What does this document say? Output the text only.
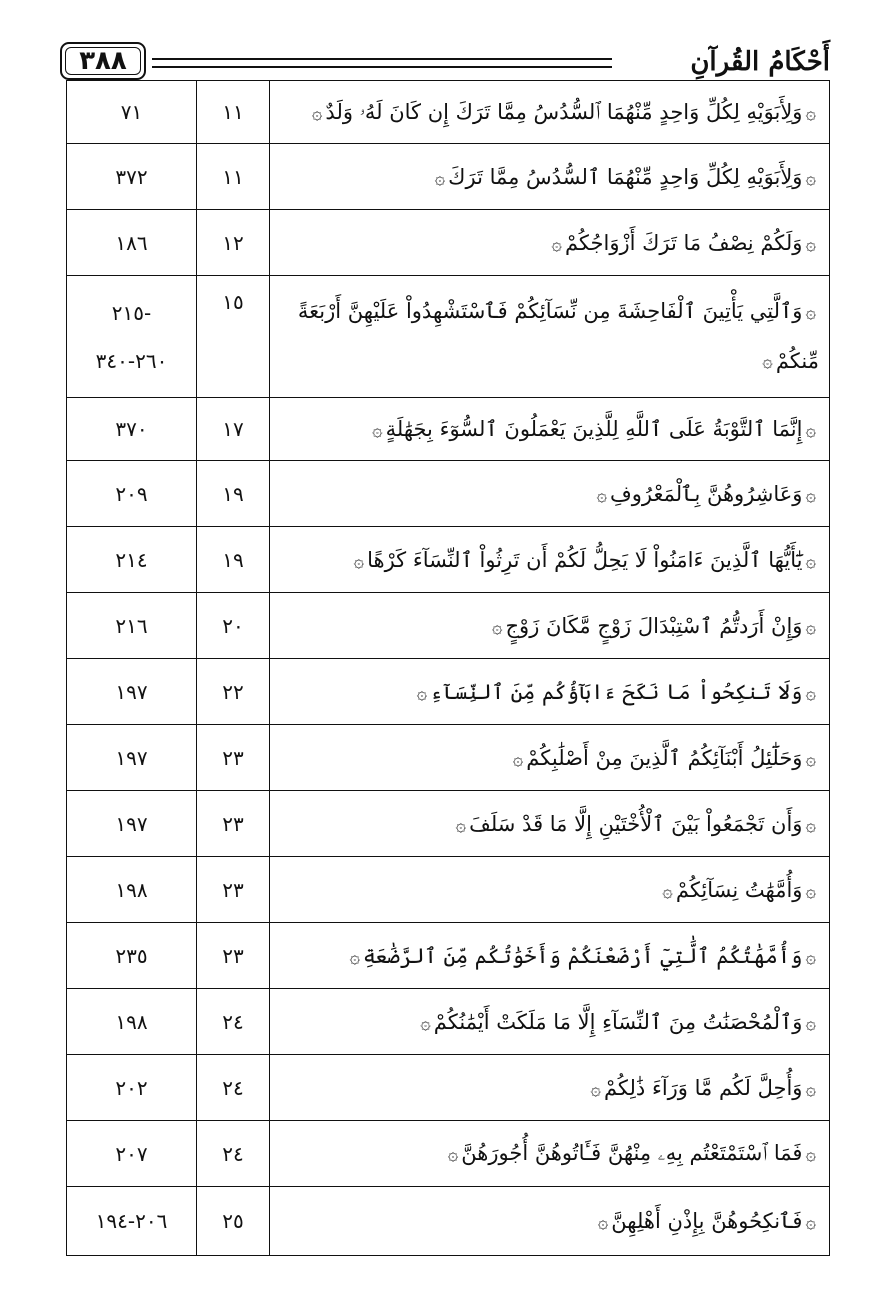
٣٨٨	أَحْكَامُ القُرآنِ
۞وَلِأَبَوَيْهِ لِكُلِّ وَاحِدٍ مِّنْهُمَا ٱلسُّدُسُ مِمَّا تَرَكَ إِن كَانَ لَهُۥ وَلَدٌ۞	١١	٧١

۞وَلِأَبَوَيْهِ لِكُلِّ وَاحِدٍ مِّنْهُمَا ٱلسُّدُسُ مِمَّا تَرَكَ۞	١١	٣٧٢

۞وَلَكُمْ نِصْفُ مَا تَرَكَ أَزْوَاجُكُمْ۞	١٢	١٨٦

۞وَٱلَّتِي يَأْتِينَ ٱلْفَاحِشَةَ مِن نِّسَآئِكُمْ فَٱسْتَشْهِدُواْ عَلَيْهِنَّ أَرْبَعَةً مِّنكُمْ۞	١٥	-٢١٥
٢٦٠-٣٤٠

۞إِنَّمَا ٱلتَّوْبَةُ عَلَى ٱللَّهِ لِلَّذِينَ يَعْمَلُونَ ٱلسُّوٓءَ بِجَهَٰلَةٍ۞	١٧	٣٧٠

۞وَعَاشِرُوهُنَّ بِٱلْمَعْرُوفِ۞	١٩	٢٠٩

۞يَٰٓأَيُّهَا ٱلَّذِينَ ءَامَنُواْ لَا يَحِلُّ لَكُمْ أَن تَرِثُواْ ٱلنِّسَآءَ كَرْهًا۞	١٩	٢١٤

۞وَإِنْ أَرَدتُّمُ ٱسْتِبْدَالَ زَوْجٍ مَّكَانَ زَوْجٍ۞	٢٠	٢١٦

۞وَلَا تَنكِحُواْ مَا نَكَحَ ءَابَآؤُكُم مِّنَ ٱلنِّسَآءِ۞	٢٢	١٩٧

۞وَحَلَٰٓئِلُ أَبْنَآئِكُمُ ٱلَّذِينَ مِنْ أَصْلَٰبِكُمْ۞	٢٣	١٩٧

۞وَأَن تَجْمَعُواْ بَيْنَ ٱلْأُخْتَيْنِ إِلَّا مَا قَدْ سَلَفَ۞	٢٣	١٩٧

۞وَأُمَّهَٰتُ نِسَآئِكُمْ۞	٢٣	١٩٨

۞وَأُمَّهَٰتُكُمُ ٱلَّٰتِيٓ أَرْضَعْنَكُمْ وَأَخَوَٰتُكُم مِّنَ ٱلرَّضَٰعَةِ۞	٢٣	٢٣٥

۞وَٱلْمُحْصَنَٰتُ مِنَ ٱلنِّسَآءِ إِلَّا مَا مَلَكَتْ أَيْمَٰنُكُمْ۞	٢٤	١٩٨

۞وَأُحِلَّ لَكُم مَّا وَرَآءَ ذَٰلِكُمْ۞	٢٤	٢٠٢

۞فَمَا ٱسْتَمْتَعْتُم بِهِۦ مِنْهُنَّ فَـَٔاتُوهُنَّ أُجُورَهُنَّ۞	٢٤	٢٠٧

۞فَٱنكِحُوهُنَّ بِإِذْنِ أَهْلِهِنَّ۞	٢٥	٢٠٦-١٩٤
